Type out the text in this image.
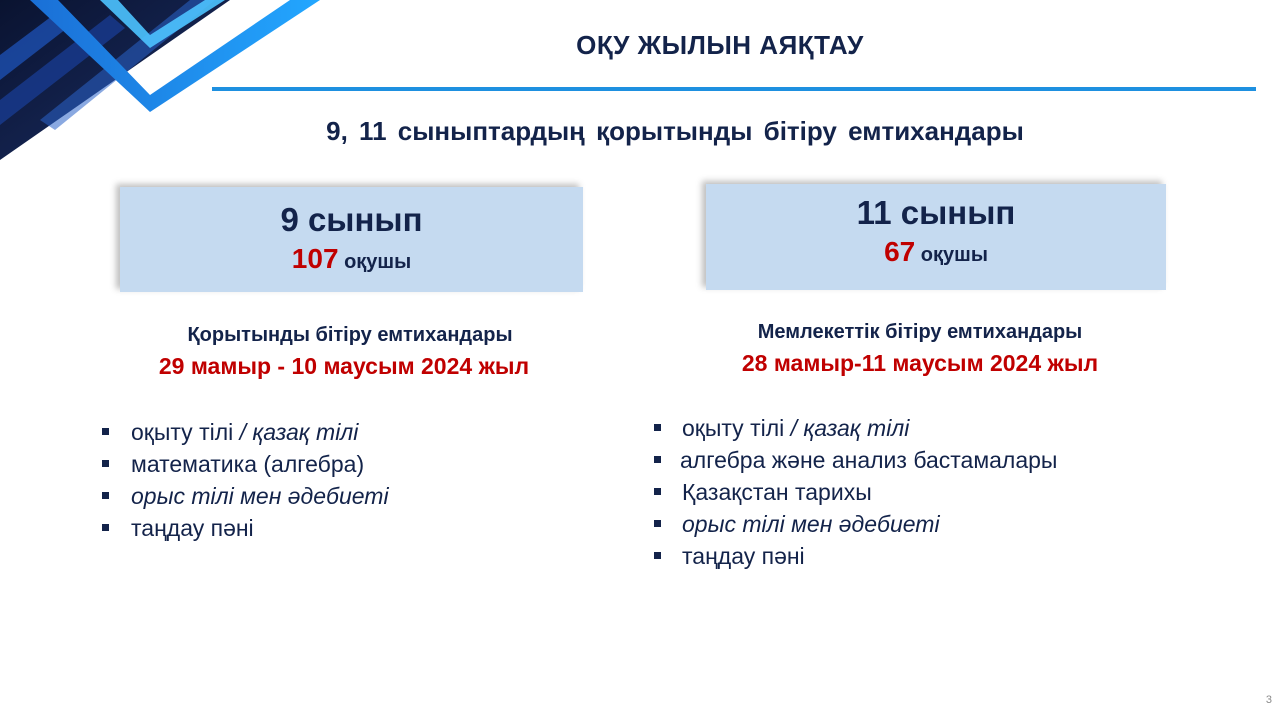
ОҚУ ЖЫЛЫН АЯҚТАУ
9, 11 сыныптардың қорытынды бітіру емтихандары
9 сынып
107 оқушы
Қорытынды бітіру емтихандары
29 мамыр - 10 маусым 2024 жыл
оқыту тілі / қазақ тілі
математика (алгебра)
орыс тілі мен әдебиеті
таңдау пәні
11 сынып
67 оқушы
Мемлекеттік бітіру емтихандары
28 мамыр-11 маусым 2024 жыл
оқыту тілі / қазақ тілі
алгебра және анализ бастамалары
Қазақстан тарихы
орыс тілі мен әдебиеті
таңдау пәні
3
